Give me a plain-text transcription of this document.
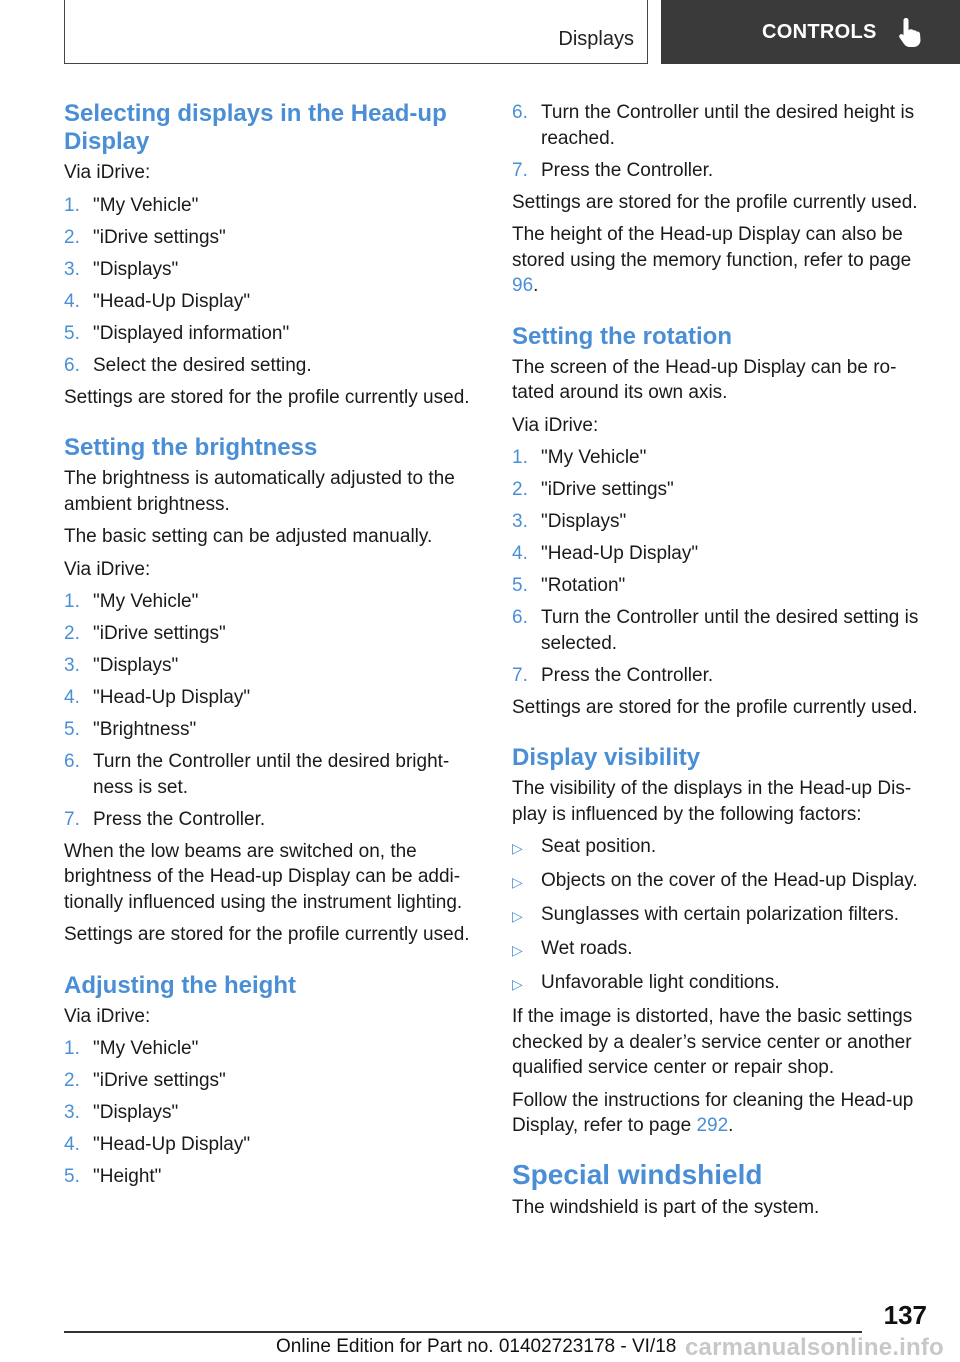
Displays	CONTROLS
Selecting displays in the Head-up Display

Via iDrive:

1. "My Vehicle"
2. "iDrive settings"
3. "Displays"
4. "Head-Up Display"
5. "Displayed information"
6. Select the desired setting.

Settings are stored for the profile currently used.

Setting the brightness

The brightness is automatically adjusted to the ambient brightness.

The basic setting can be adjusted manually.

Via iDrive:

1. "My Vehicle"
2. "iDrive settings"
3. "Displays"
4. "Head-Up Display"
5. "Brightness"
6. Turn the Controller until the desired bright‐ness is set.
7. Press the Controller.

When the low beams are switched on, the brightness of the Head-up Display can be addi‐tionally influenced using the instrument lighting.

Settings are stored for the profile currently used.

Adjusting the height

Via iDrive:

1. "My Vehicle"
2. "iDrive settings"
3. "Displays"
4. "Head-Up Display"
5. "Height"
6. Turn the Controller until the desired height is reached.
7. Press the Controller.

Settings are stored for the profile currently used.

The height of the Head-up Display can also be stored using the memory function, refer to page 96.

Setting the rotation

The screen of the Head-up Display can be ro‐tated around its own axis.

Via iDrive:

1. "My Vehicle"
2. "iDrive settings"
3. "Displays"
4. "Head-Up Display"
5. "Rotation"
6. Turn the Controller until the desired setting is selected.
7. Press the Controller.

Settings are stored for the profile currently used.

Display visibility

The visibility of the displays in the Head-up Dis‐play is influenced by the following factors:

▷ Seat position.
▷ Objects on the cover of the Head-up Display.
▷ Sunglasses with certain polarization filters.
▷ Wet roads.
▷ Unfavorable light conditions.

If the image is distorted, have the basic settings checked by a dealer’s service center or another qualified service center or repair shop.

Follow the instructions for cleaning the Head-up Display, refer to page 292.

Special windshield

The windshield is part of the system.

137
Online Edition for Part no. 01402723178 - VI/18 carmanualsonline.info
